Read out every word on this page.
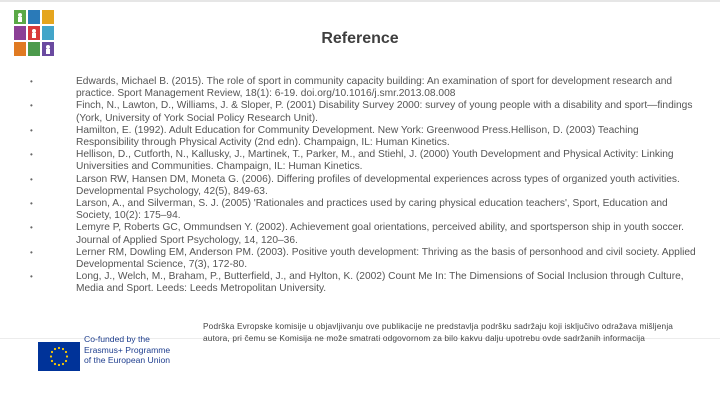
Reference
•	Edwards, Michael B. (2015). The role of sport in community capacity building: An examination of sport for development research and practice. Sport Management Review, 18(1): 6-19. doi.org/10.1016/j.smr.2013.08.008
•	Finch, N., Lawton, D., Williams, J. & Sloper, P. (2001) Disability Survey 2000: survey of young people with a disability and sport—findings (York, University of York Social Policy Research Unit).
•	Hamilton, E. (1992). Adult Education for Community Development. New York: Greenwood Press.Hellison, D. (2003) Teaching Responsibility through Physical Activity (2nd edn). Champaign, IL: Human Kinetics.
•	Hellison, D., Cutforth, N., Kallusky, J., Martinek, T., Parker, M., and Stiehl, J. (2000) Youth Development and Physical Activity: Linking Universities and Communities. Champaign, IL: Human Kinetics.
•	Larson RW, Hansen DM, Moneta G. (2006). Differing profiles of developmental experiences across types of organized youth activities. Developmental Psychology, 42(5), 849-63.
•	Larson, A., and Silverman, S. J. (2005) 'Rationales and practices used by caring physical education teachers', Sport, Education and Society, 10(2): 175–94.
•	Lemyre P, Roberts GC, Ommundsen Y. (2002). Achievement goal orientations, perceived ability, and sportsperson ship in youth soccer. Journal of Applied Sport Psychology, 14, 120–36.
•	Lerner RM, Dowling EM, Anderson PM. (2003). Positive youth development: Thriving as the basis of personhood and civil society. Applied Developmental Science, 7(3), 172-80.
•	Long, J., Welch, M., Braham, P., Butterfield, J., and Hylton, K. (2002) Count Me In: The Dimensions of Social Inclusion through Culture, Media and Sport. Leeds: Leeds Metropolitan University.
Co-funded by the
Erasmus+ Programme
of the European Union
Podrška Evropske komisije u objavljivanju ove publikacije ne predstavlja podršku sadržaju koji isključivo odražava mišljenja autora, pri čemu se Komisija ne može smatrati odgovornom za bilo kakvu dalju upotrebu ovde sadržanih informacija
